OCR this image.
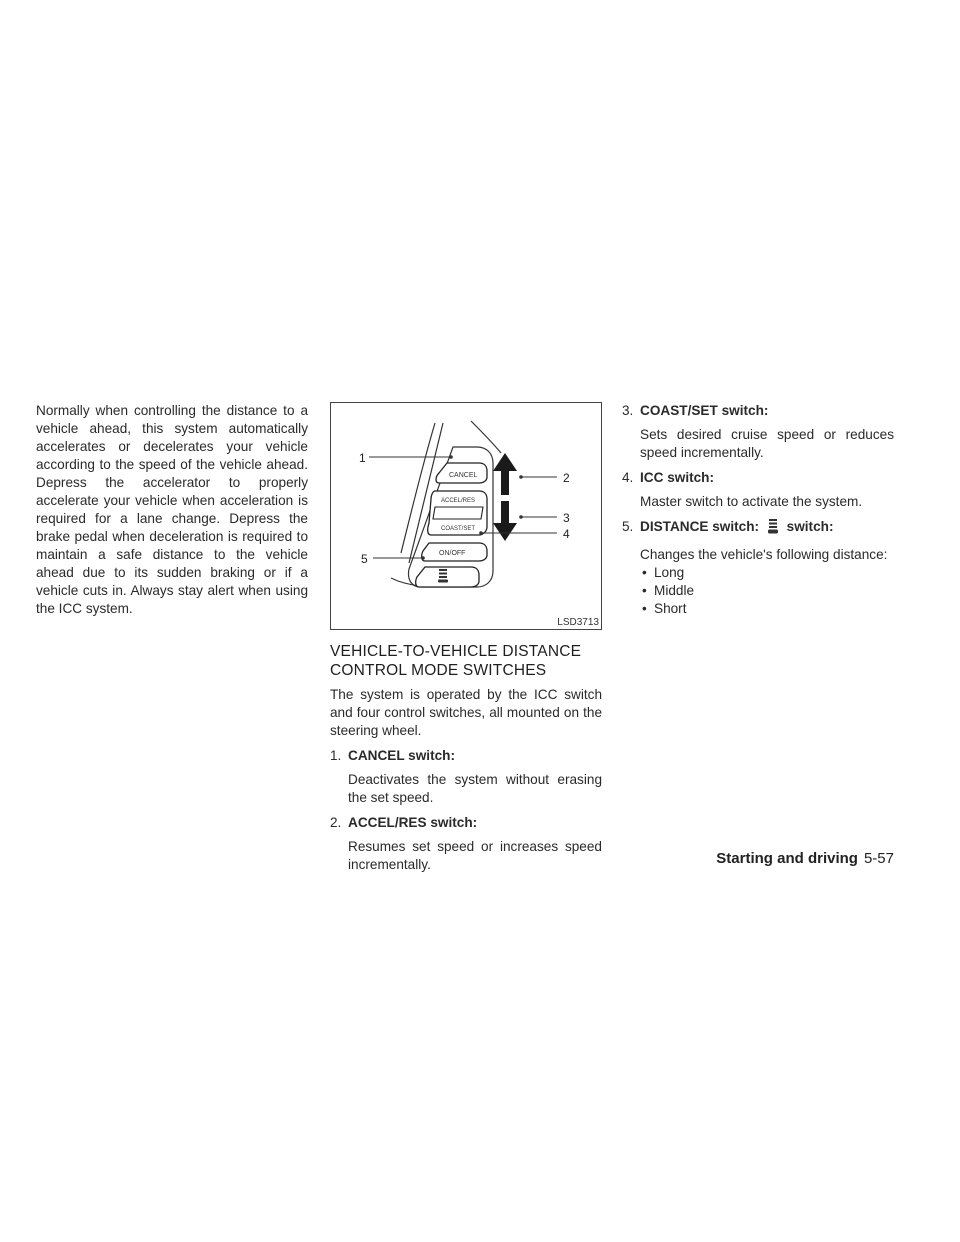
Normally when controlling the distance to a vehicle ahead, this system automatically accelerates or decelerates your vehicle according to the speed of the vehicle ahead. Depress the accelerator to properly accelerate your vehicle when acceleration is required for a lane change. Depress the brake pedal when deceleration is required to maintain a safe distance to the vehicle ahead due to its sudden braking or if a vehicle cuts in. Always stay alert when using the ICC system.

CANCEL
ACCEL/RES
COAST/SET
ON/OFF
1
2
3
4
5
LSD3713
VEHICLE-TO-VEHICLE DISTANCE CONTROL MODE SWITCHES

The system is operated by the ICC switch and four control switches, all mounted on the steering wheel.

1. CANCEL switch:
Deactivates the system without erasing the set speed.
2. ACCEL/RES switch:
Resumes set speed or increases speed incrementally.
3. COAST/SET switch:
Sets desired cruise speed or reduces speed incrementally.
4. ICC switch:
Master switch to activate the system.
5. DISTANCE switch: switch:
Changes the vehicle's following distance:
• Long
• Middle
• Short
Starting and driving 5-57
